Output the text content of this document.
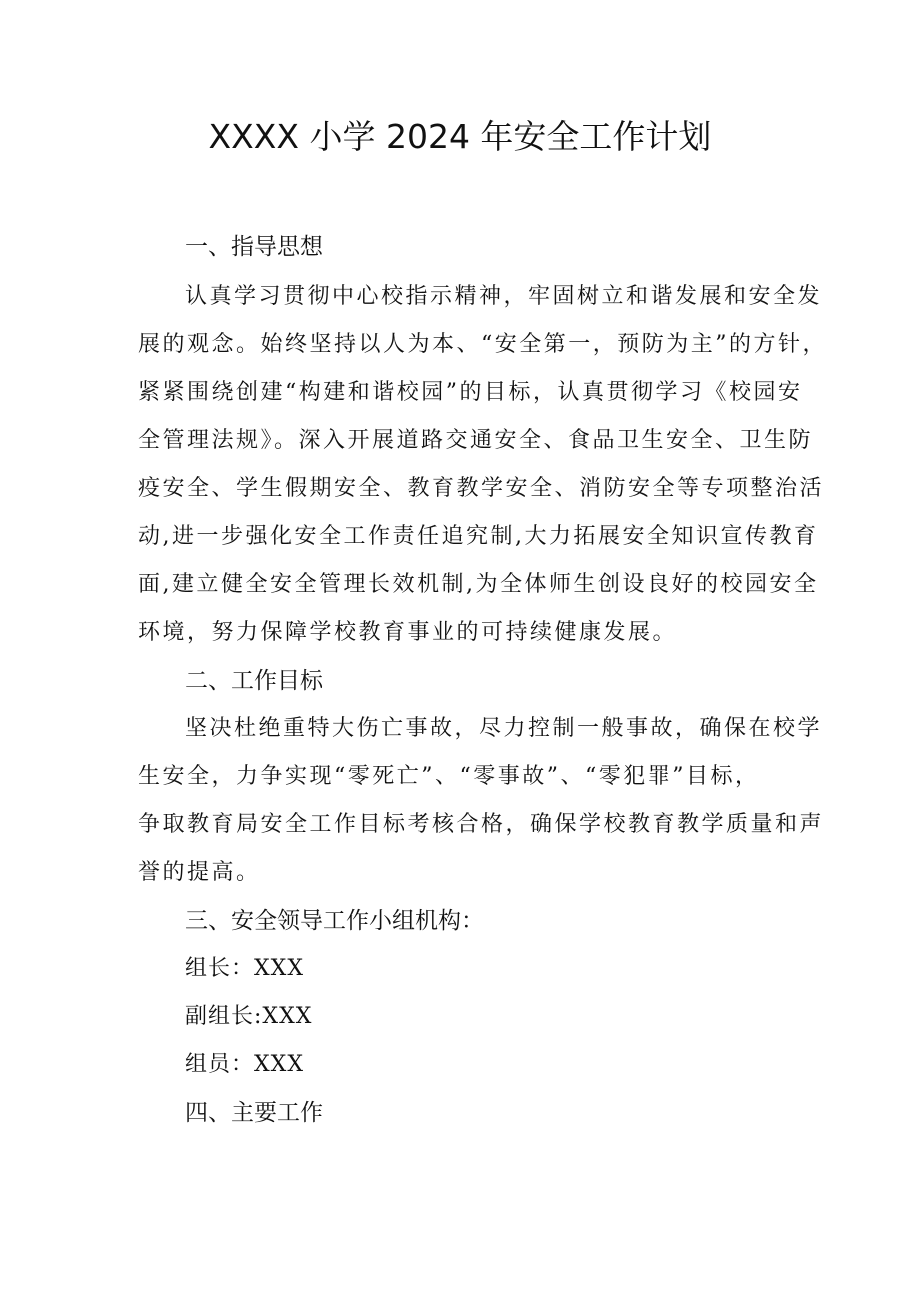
XXXX 小学 2024 年安全工作计划
一、指导思想
认真学习贯彻中心校指示精神，牢固树立和谐发展和安全发
展的观念。始终坚持以人为本、“安全第一，预防为主”的方针，
紧紧围绕创建“构建和谐校园”的目标，认真贯彻学习《校园安
全管理法规》。深入开展道路交通安全、食品卫生安全、卫生防
疫安全、学生假期安全、教育教学安全、消防安全等专项整治活
动,进一步强化安全工作责任追究制,大力拓展安全知识宣传教育
面,建立健全安全管理长效机制,为全体师生创设良好的校园安全
环境，努力保障学校教育事业的可持续健康发展。
二、工作目标
坚决杜绝重特大伤亡事故，尽力控制一般事故，确保在校学
生安全，力争实现“零死亡”、“零事故”、“零犯罪”目标，
争取教育局安全工作目标考核合格，确保学校教育教学质量和声
誉的提高。
三、安全领导工作小组机构：
组长：XXX
副组长:XXX
组员：XXX
四、主要工作
